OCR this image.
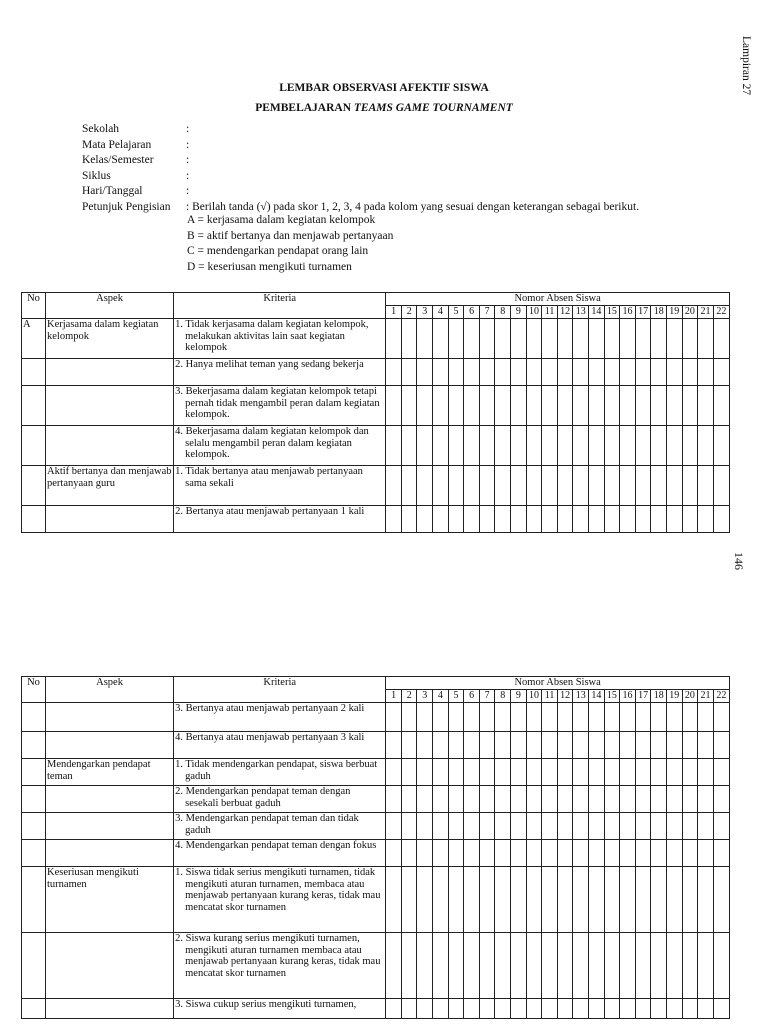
Lampiran 27
146
LEMBAR OBSERVASI AFEKTIF SISWA
PEMBELAJARAN TEAMS GAME TOURNAMENT
Sekolah	:
Mata Pelajaran	:
Kelas/Semester	:
Siklus	:
Hari/Tanggal	:
Petunjuk Pengisian	: Berilah tanda (√) pada skor 1, 2, 3, 4 pada kolom yang sesuai dengan keterangan sebagai berikut.
A = kerjasama dalam kegiatan kelompok
B = aktif bertanya dan menjawab pertanyaan
C = mendengarkan pendapat orang lain
D = keseriusan mengikuti turnamen
No	Aspek	Kriteria	Nomor Absen Siswa																					
			1	2	3	4	5	6	7	8	9	10	11	12	13	14	15	16	17	18	19	20	21	22
A	Kerjasama dalam kegiatan kelompok	1. Tidak kerjasama dalam kegiatan kelompok, melakukan aktivitas lain saat kegiatan kelompok																						
		2. Hanya melihat teman yang sedang bekerja																						
		3. Bekerjasama dalam kegiatan kelompok tetapi pernah tidak mengambil peran dalam kegiatan kelompok.																						
		4. Bekerjasama dalam kegiatan kelompok dan selalu mengambil peran dalam kegiatan kelompok.																						
	Aktif bertanya dan menjawab pertanyaan guru	1. Tidak bertanya atau menjawab pertanyaan sama sekali																						
		2. Bertanya atau menjawab pertanyaan 1 kali																						
No	Aspek	Kriteria	Nomor Absen Siswa																					
			1	2	3	4	5	6	7	8	9	10	11	12	13	14	15	16	17	18	19	20	21	22
		3. Bertanya atau menjawab pertanyaan 2 kali																						
		4. Bertanya atau menjawab pertanyaan 3 kali																						
	Mendengarkan pendapat teman	1. Tidak mendengarkan pendapat, siswa berbuat gaduh																						
		2. Mendengarkan pendapat teman dengan sesekali berbuat gaduh																						
		3. Mendengarkan pendapat teman dan tidak gaduh																						
		4. Mendengarkan pendapat teman dengan fokus																						
	Keseriusan mengikuti turnamen	1. Siswa tidak serius mengikuti turnamen, tidak mengikuti aturan turnamen, membaca atau menjawab pertanyaan kurang keras, tidak mau mencatat skor turnamen																						
		2. Siswa kurang serius mengikuti turnamen, mengikuti aturan turnamen membaca atau menjawab pertanyaan kurang keras, tidak mau mencatat skor turnamen																						
		3. Siswa cukup serius mengikuti turnamen,																						
